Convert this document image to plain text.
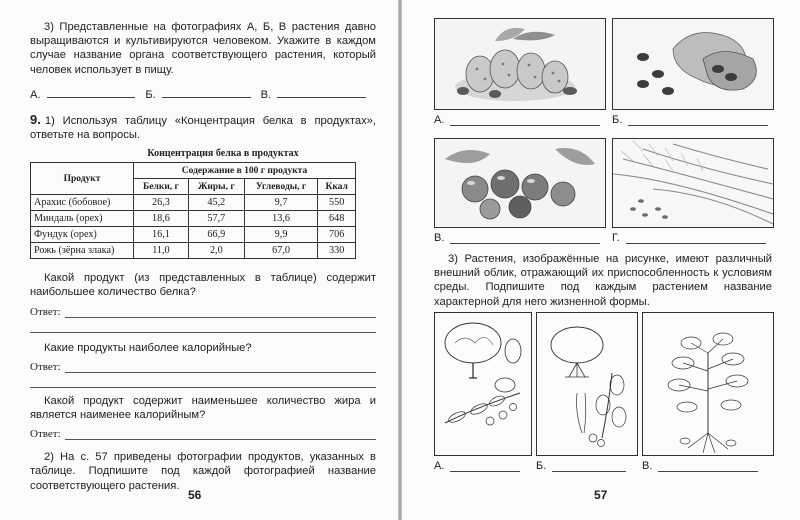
3) Представленные на фотографиях А, Б, В растения давно выращиваются и культивируются человеком. Укажите в каждом случае название органа соответствующего растения, который человек использует в пищу.

А.	Б.	В.

9. 1) Используя таблицу «Концентрация белка в продуктах», ответьте на вопросы.

Концентрация белка в продуктах
Продукт	Содержание в 100 г продукта			
	Белки, г	Жиры, г	Углеводы, г	Ккал
Арахис (бобовое)	26,3	45,2	9,7	550
Миндаль (орех)	18,6	57,7	13,6	648
Фундук (орех)	16,1	66,9	9,9	706
Рожь (зёрна злака)	11,0	2,0	67,0	330

Какой продукт (из представленных в таблице) содержит наибольшее количество белка?

Ответ:

Какие продукты наиболее калорийные?

Ответ:

Какой продукт содержит наименьшее количество жира и является наименее калорийным?

Ответ:

2) На с. 57 приведены фотографии продуктов, указанных в таблице. Подпишите под каждой фотографией название соответствующего растения.

56
А.	Б.
В.	Г.

3) Растения, изображённые на рисунке, имеют различный внешний облик, отражающий их приспособленность к условиям среды. Подпишите под каждым растением название характерной для него жизненной формы.

А.	Б.	В.
57
